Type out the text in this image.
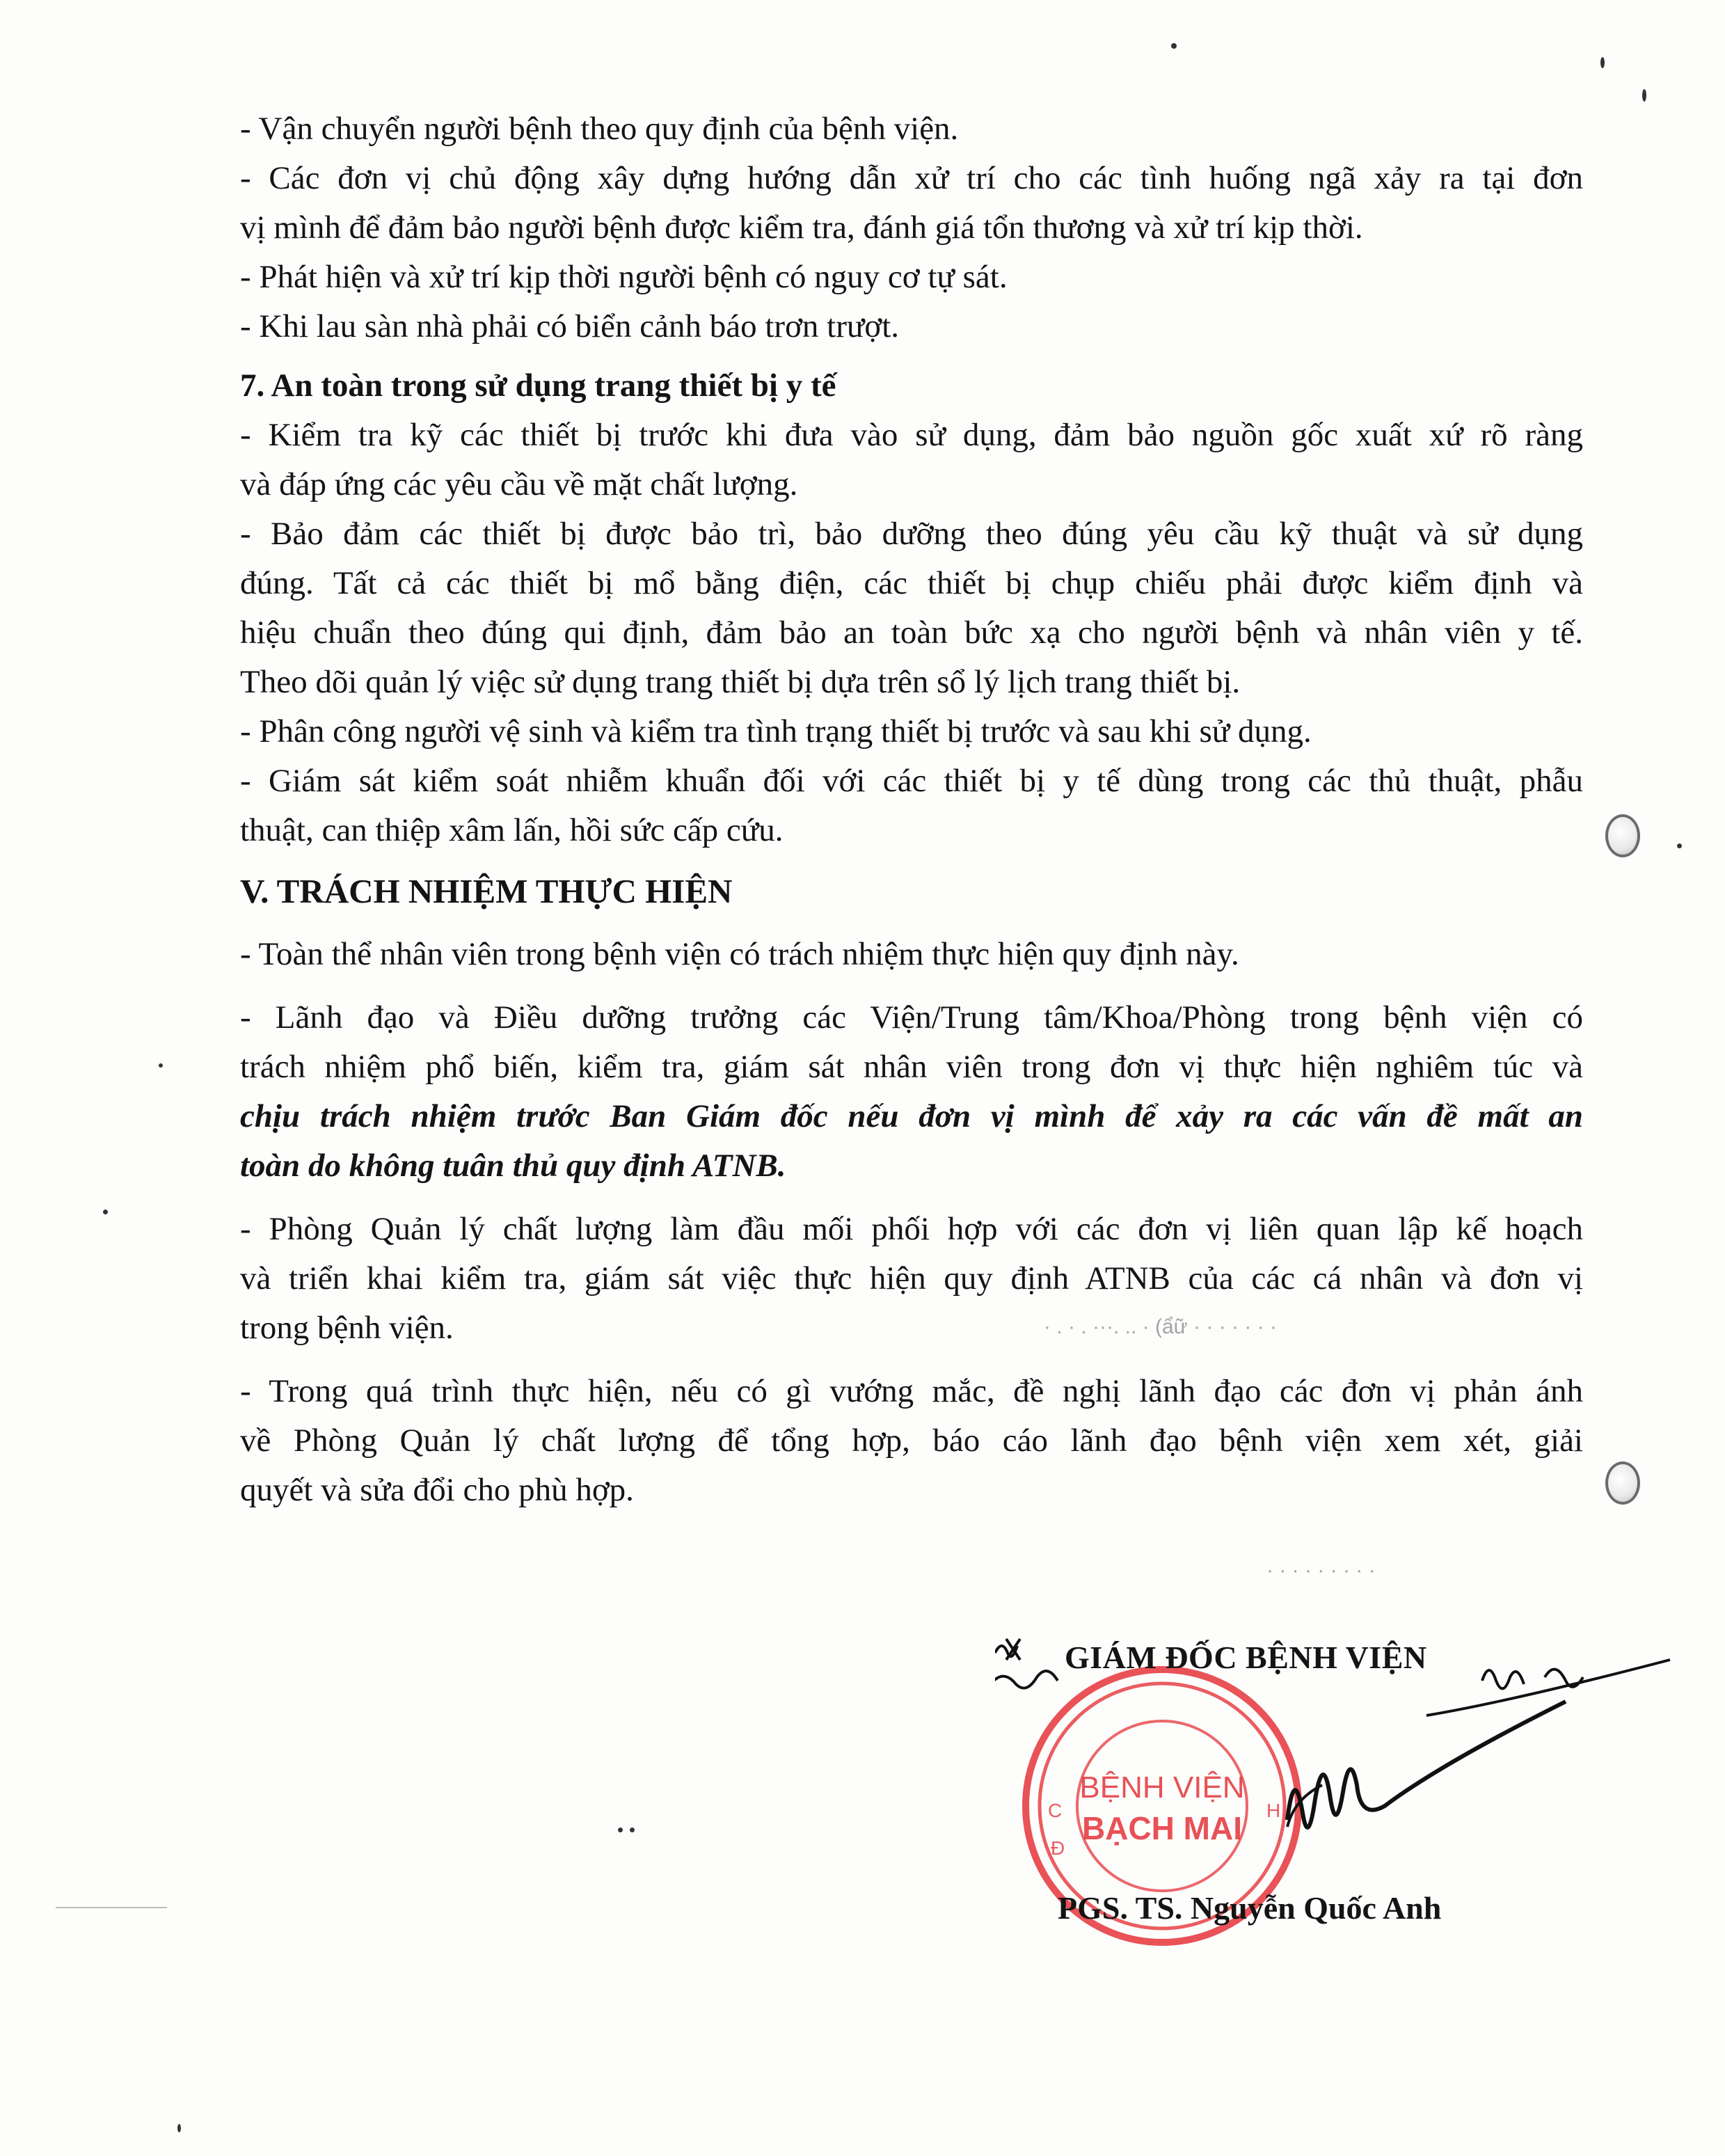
- Vận chuyển người bệnh theo quy định của bệnh viện.
- Các đơn vị chủ động xây dựng hướng dẫn xử trí cho các tình huống ngã xảy ra tại đơn
vị mình để đảm bảo người bệnh được kiểm tra, đánh giá tổn thương và xử trí kịp thời.
- Phát hiện và xử trí kịp thời người bệnh có nguy cơ tự sát.
- Khi lau sàn nhà phải có biển cảnh báo trơn trượt.
7. An toàn trong sử dụng trang thiết bị y tế
- Kiểm tra kỹ các thiết bị trước khi đưa vào sử dụng, đảm bảo nguồn gốc xuất xứ rõ ràng
và đáp ứng các yêu cầu về mặt chất lượng.
- Bảo đảm các thiết bị được bảo trì, bảo dưỡng theo đúng yêu cầu kỹ thuật và sử dụng
đúng. Tất cả các thiết bị mổ bằng điện, các thiết bị chụp chiếu phải được kiểm định và
hiệu chuẩn theo đúng qui định, đảm bảo an toàn bức xạ cho người bệnh và nhân viên y tế.
Theo dõi quản lý việc sử dụng trang thiết bị dựa trên sổ lý lịch trang thiết bị.
- Phân công người vệ sinh và kiểm tra tình trạng thiết bị trước và sau khi sử dụng.
- Giám sát kiểm soát nhiễm khuẩn đối với các thiết bị y tế dùng trong các thủ thuật, phẫu
thuật, can thiệp xâm lấn, hồi sức cấp cứu.
V. TRÁCH NHIỆM THỰC HIỆN
- Toàn thể nhân viên trong bệnh viện có trách nhiệm thực hiện quy định này.
- Lãnh đạo và Điều dưỡng trưởng các Viện/Trung tâm/Khoa/Phòng trong bệnh viện có
trách nhiệm phổ biến, kiểm tra, giám sát nhân viên trong đơn vị thực hiện nghiêm túc và
chịu trách nhiệm trước Ban Giám đốc nếu đơn vị mình để xảy ra các vấn đề mất an
toàn do không tuân thủ quy định ATNB.
- Phòng Quản lý chất lượng làm đầu mối phối hợp với các đơn vị liên quan lập kế hoạch
và triển khai kiểm tra, giám sát việc thực hiện quy định ATNB của các cá nhân và đơn vị
trong bệnh viện.
- Trong quá trình thực hiện, nếu có gì vướng mắc, đề nghị lãnh đạo các đơn vị phản ánh
về Phòng Quản lý chất lượng để tổng hợp, báo cáo lãnh đạo bệnh viện xem xét, giải
quyết và sửa đổi cho phù hợp.
· . · . ···. .. · (ẩữ · · · · · · ·
· · · · · · · · ·
BỆNH VIỆN
BẠCH MAI
C
Đ
H
GIÁM ĐỐC BỆNH VIỆN
PGS. TS. Nguyễn Quốc Anh
